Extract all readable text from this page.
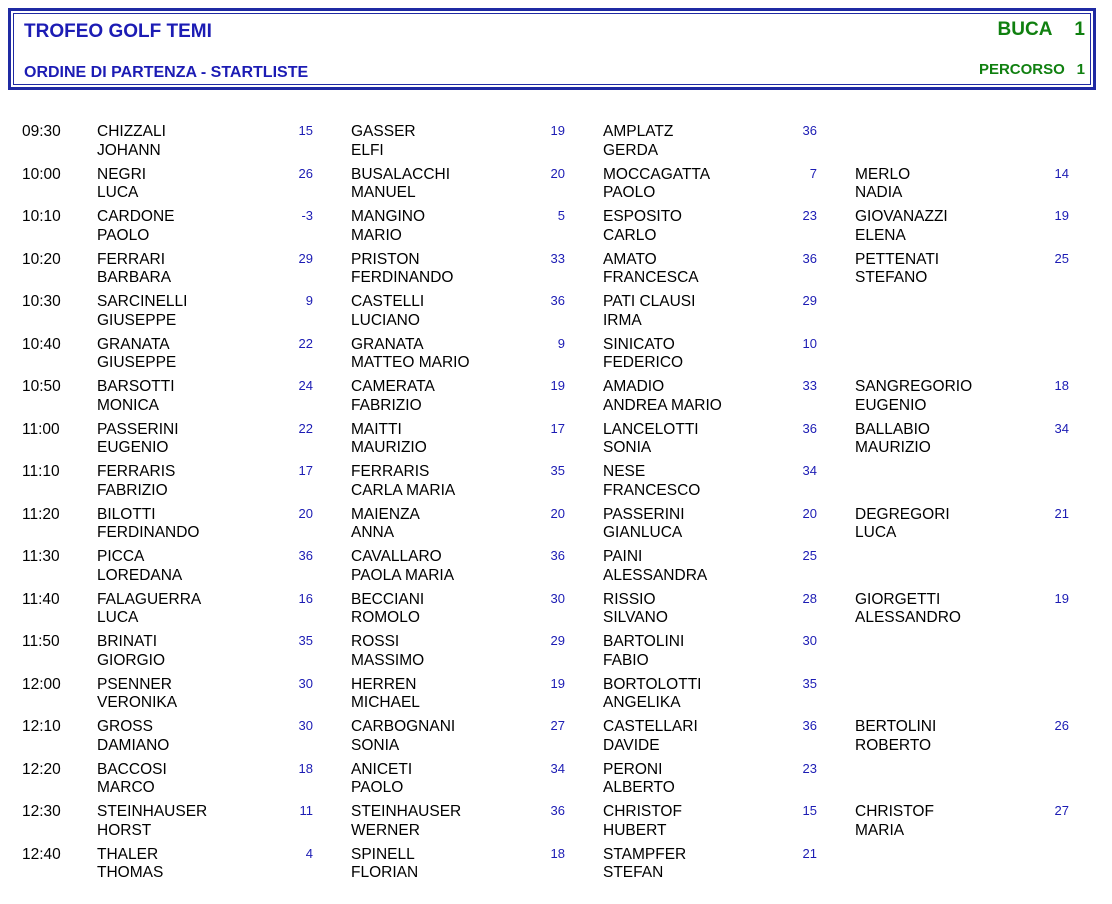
TROFEO GOLF TEMI
ORDINE DI PARTENZA - STARTLISTE
BUCA 1
PERCORSO 1
09:30 CHIZZALI
JOHANN
15 GASSER
ELFI
19 AMPLATZ
GERDA
36
10:00 NEGRI
LUCA
26 BUSALACCHI
MANUEL
20 MOCCAGATTA
PAOLO
7 MERLO
NADIA
14
10:10 CARDONE
PAOLO
-3 MANGINO
MARIO
5 ESPOSITO
CARLO
23 GIOVANAZZI
ELENA
19
10:20 FERRARI
BARBARA
29 PRISTON
FERDINANDO
33 AMATO
FRANCESCA
36 PETTENATI
STEFANO
25
10:30 SARCINELLI
GIUSEPPE
9 CASTELLI
LUCIANO
36 PATI CLAUSI
IRMA
29
10:40 GRANATA
GIUSEPPE
22 GRANATA
MATTEO MARIO
9 SINICATO
FEDERICO
10
10:50 BARSOTTI
MONICA
24 CAMERATA
FABRIZIO
19 AMADIO
ANDREA MARIO
33 SANGREGORIO
EUGENIO
18
11:00 PASSERINI
EUGENIO
22 MAITTI
MAURIZIO
17 LANCELOTTI
SONIA
36 BALLABIO
MAURIZIO
34
11:10 FERRARIS
FABRIZIO
17 FERRARIS
CARLA MARIA
35 NESE
FRANCESCO
34
11:20 BILOTTI
FERDINANDO
20 MAIENZA
ANNA
20 PASSERINI
GIANLUCA
20 DEGREGORI
LUCA
21
11:30 PICCA
LOREDANA
36 CAVALLARO
PAOLA MARIA
36 PAINI
ALESSANDRA
25
11:40 FALAGUERRA
LUCA
16 BECCIANI
ROMOLO
30 RISSIO
SILVANO
28 GIORGETTI
ALESSANDRO
19
11:50 BRINATI
GIORGIO
35 ROSSI
MASSIMO
29 BARTOLINI
FABIO
30
12:00 PSENNER
VERONIKA
30 HERREN
MICHAEL
19 BORTOLOTTI
ANGELIKA
35
12:10 GROSS
DAMIANO
30 CARBOGNANI
SONIA
27 CASTELLARI
DAVIDE
36 BERTOLINI
ROBERTO
26
12:20 BACCOSI
MARCO
18 ANICETI
PAOLO
34 PERONI
ALBERTO
23
12:30 STEINHAUSER
HORST
11 STEINHAUSER
WERNER
36 CHRISTOF
HUBERT
15 CHRISTOF
MARIA
27
12:40 THALER
THOMAS
4 SPINELL
FLORIAN
18 STAMPFER
STEFAN
21
